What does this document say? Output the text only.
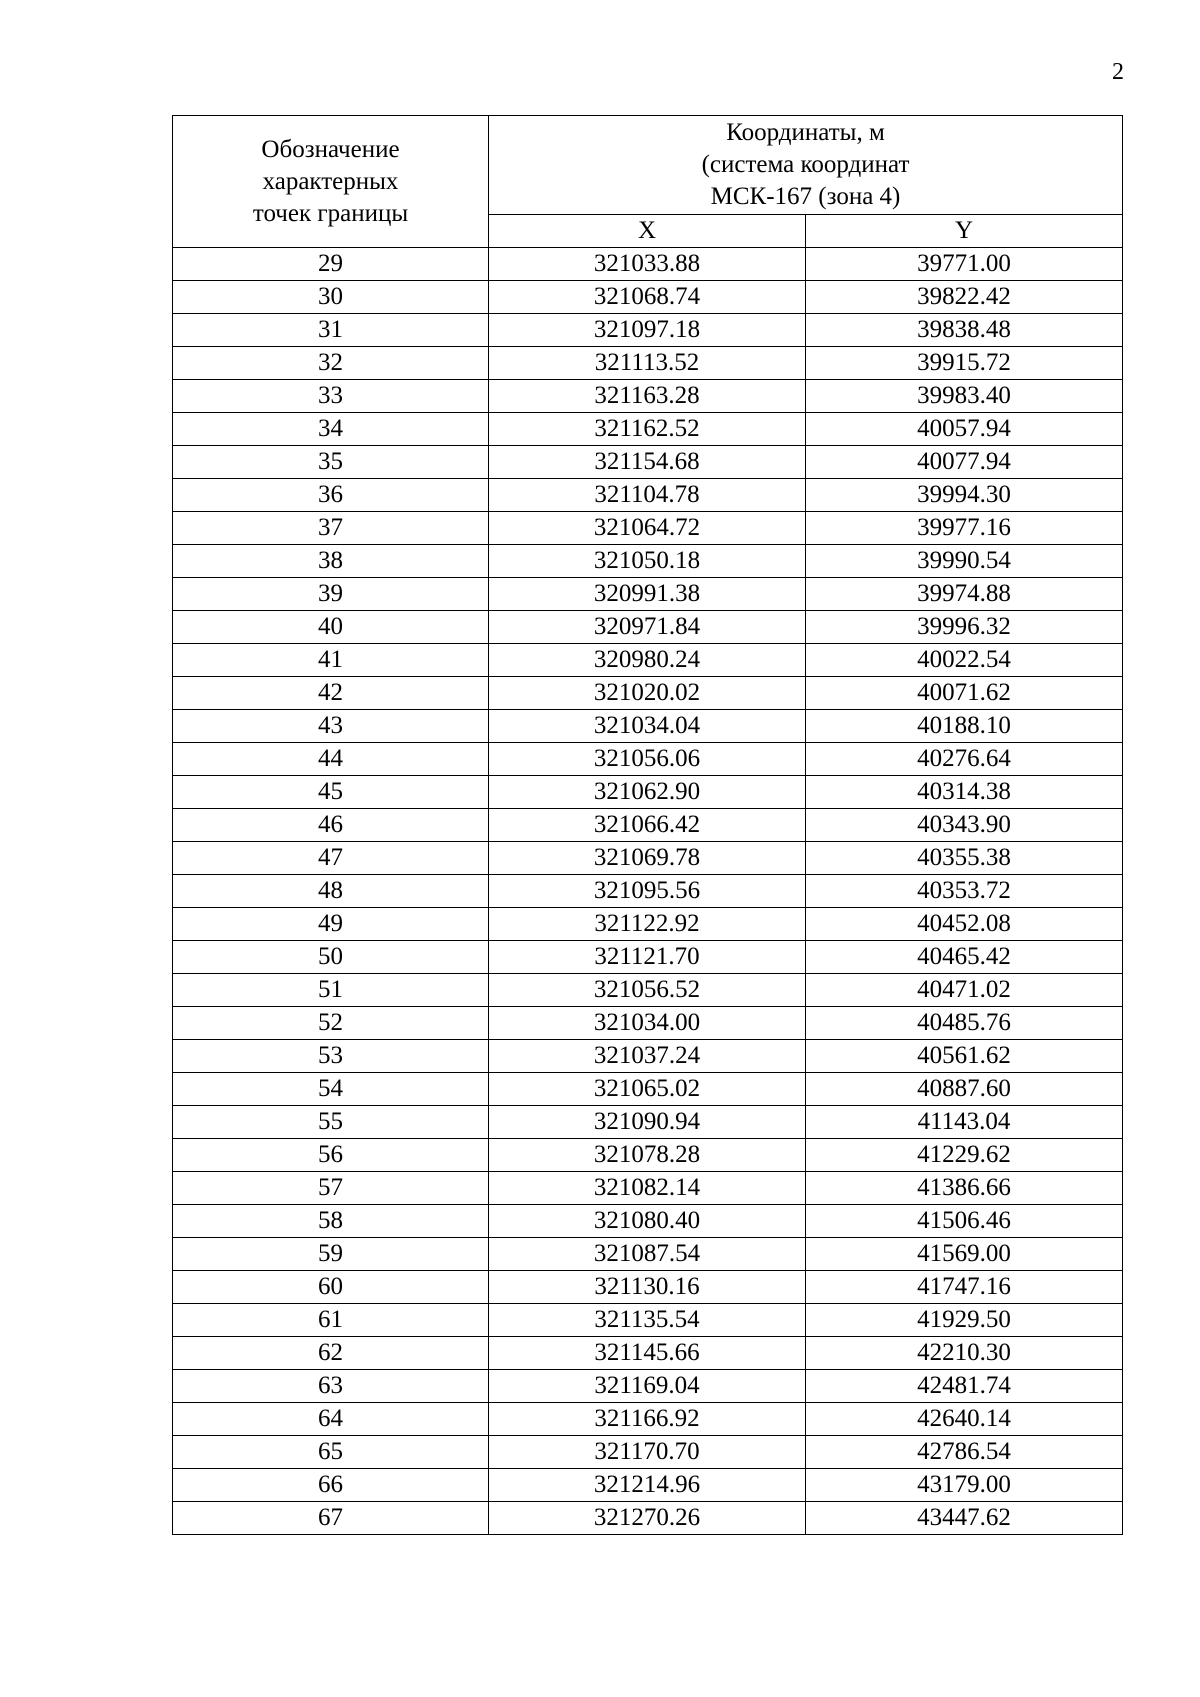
2
Обозначение характерных точек границы	Координаты, м
(система координат
МСК-167 (зона 4)	

	X	Y
29	321033.88	39771.00
30	321068.74	39822.42
31	321097.18	39838.48
32	321113.52	39915.72
33	321163.28	39983.40
34	321162.52	40057.94
35	321154.68	40077.94
36	321104.78	39994.30
37	321064.72	39977.16
38	321050.18	39990.54
39	320991.38	39974.88
40	320971.84	39996.32
41	320980.24	40022.54
42	321020.02	40071.62
43	321034.04	40188.10
44	321056.06	40276.64
45	321062.90	40314.38
46	321066.42	40343.90
47	321069.78	40355.38
48	321095.56	40353.72
49	321122.92	40452.08
50	321121.70	40465.42
51	321056.52	40471.02
52	321034.00	40485.76
53	321037.24	40561.62
54	321065.02	40887.60
55	321090.94	41143.04
56	321078.28	41229.62
57	321082.14	41386.66
58	321080.40	41506.46
59	321087.54	41569.00
60	321130.16	41747.16
61	321135.54	41929.50
62	321145.66	42210.30
63	321169.04	42481.74
64	321166.92	42640.14
65	321170.70	42786.54
66	321214.96	43179.00
67	321270.26	43447.62
